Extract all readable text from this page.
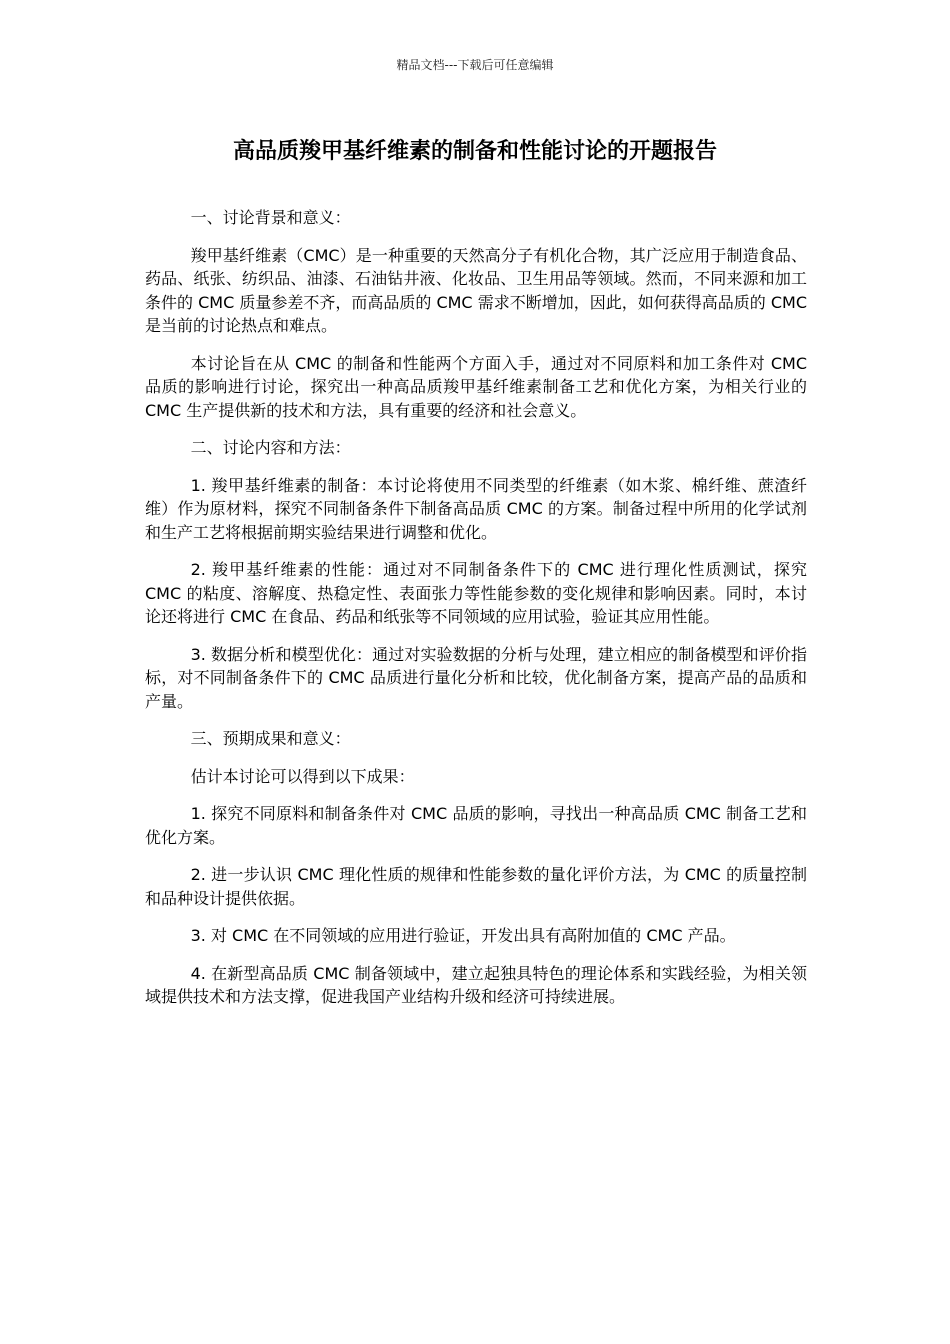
精品文档---下载后可任意编辑
高品质羧甲基纤维素的制备和性能讨论的开题报告

一、讨论背景和意义：

羧甲基纤维素（CMC）是一种重要的天然高分子有机化合物，其广泛应用于制造食品、药品、纸张、纺织品、油漆、石油钻井液、化妆品、卫生用品等领域。然而，不同来源和加工条件的 CMC 质量参差不齐，而高品质的 CMC 需求不断增加，因此，如何获得高品质的 CMC 是当前的讨论热点和难点。

本讨论旨在从 CMC 的制备和性能两个方面入手，通过对不同原料和加工条件对 CMC 品质的影响进行讨论，探究出一种高品质羧甲基纤维素制备工艺和优化方案，为相关行业的 CMC 生产提供新的技术和方法，具有重要的经济和社会意义。

二、讨论内容和方法：

1. 羧甲基纤维素的制备：本讨论将使用不同类型的纤维素（如木浆、棉纤维、蔗渣纤维）作为原材料，探究不同制备条件下制备高品质 CMC 的方案。制备过程中所用的化学试剂和生产工艺将根据前期实验结果进行调整和优化。

2. 羧甲基纤维素的性能：通过对不同制备条件下的 CMC 进行理化性质测试，探究 CMC 的粘度、溶解度、热稳定性、表面张力等性能参数的变化规律和影响因素。同时，本讨论还将进行 CMC 在食品、药品和纸张等不同领域的应用试验，验证其应用性能。

3. 数据分析和模型优化：通过对实验数据的分析与处理，建立相应的制备模型和评价指标，对不同制备条件下的 CMC 品质进行量化分析和比较，优化制备方案，提高产品的品质和产量。

三、预期成果和意义：

估计本讨论可以得到以下成果：

1. 探究不同原料和制备条件对 CMC 品质的影响，寻找出一种高品质 CMC 制备工艺和优化方案。

2. 进一步认识 CMC 理化性质的规律和性能参数的量化评价方法，为 CMC 的质量控制和品种设计提供依据。

3. 对 CMC 在不同领域的应用进行验证，开发出具有高附加值的 CMC 产品。

4. 在新型高品质 CMC 制备领域中，建立起独具特色的理论体系和实践经验，为相关领域提供技术和方法支撑，促进我国产业结构升级和经济可持续进展。
